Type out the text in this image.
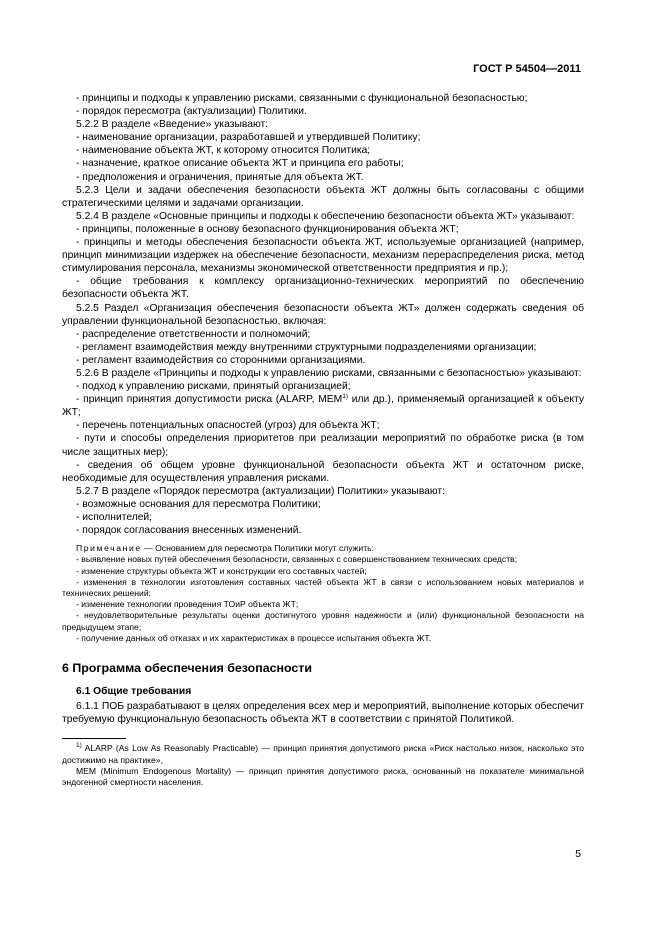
ГОСТ Р 54504—2011

- принципы и подходы к управлению рисками, связанными с функциональной безопасностью;

- порядок пересмотра (актуализации) Политики.

5.2.2 В разделе «Введение» указывают:

- наименование организации, разработавшей и утвердившей Политику;

- наименование объекта ЖТ, к которому относится Политика;

- назначение, краткое описание объекта ЖТ и принципа его работы;

- предположения и ограничения, принятые для объекта ЖТ.

5.2.3 Цели и задачи обеспечения безопасности объекта ЖТ должны быть согласованы с общими стратегическими целями и задачами организации.

5.2.4 В разделе «Основные принципы и подходы к обеспечению безопасности объекта ЖТ» указывают:

- принципы, положенные в основу безопасного функционирования объекта ЖТ;

- принципы и методы обеспечения безопасности объекта ЖТ, используемые организацией (например, принцип минимизации издержек на обеспечение безопасности, механизм перераспределения риска, метод стимулирования персонала, механизмы экономической ответственности предприятия и пр.);

- общие требования к комплексу организационно-технических мероприятий по обеспечению безопасности объекта ЖТ.

5.2.5 Раздел «Организация обеспечения безопасности объекта ЖТ» должен содержать сведения об управлении функциональной безопасностью, включая:

- распределение ответственности и полномочий;

- регламент взаимодействия между внутренними структурными подразделениями организации;

- регламент взаимодействия со сторонними организациями.

5.2.6 В разделе «Принципы и подходы к управлению рисками, связанными с безопасностью» указывают:

- подход к управлению рисками, принятый организацией;

- принцип принятия допустимости риска (ALARP, МЕМ$^{1)}$ или др.), применяемый организацией к объекту ЖТ;

- перечень потенциальных опасностей (угроз) для объекта ЖТ;

- пути и способы определения приоритетов при реализации мероприятий по обработке риска (в том числе защитных мер);

- сведения об общем уровне функциональной безопасности объекта ЖТ и остаточном риске, необходимые для осуществления управления рисками.

5.2.7 В разделе «Порядок пересмотра (актуализации) Политики» указывают:

- возможные основания для пересмотра Политики;

- исполнителей;

- порядок согласования внесенных изменений.

Примечание — Основанием для пересмотра Политики могут служить:

- выявление новых путей обеспечения безопасности, связанных с совершенствованием технических средств;

- изменение структуры объекта ЖТ и конструкции его составных частей;

- изменения в технологии изготовления составных частей объекта ЖТ в связи с использованием новых материалов и технических решений;

- изменение технологии проведения ТОиР объекта ЖТ;

- неудовлетворительные результаты оценки достигнутого уровня надежности и (или) функциональной безопасности на предыдущем этапе;

- получение данных об отказах и их характеристиках в процессе испытания объекта ЖТ.

6 Программа обеспечения безопасности

6.1 Общие требования

6.1.1 ПОБ разрабатывают в целях определения всех мер и мероприятий, выполнение которых обеспечит требуемую функциональную безопасность объекта ЖТ в соответствии с принятой Политикой.

$^{1)}$ ALARP (As Low As Reasonably Practicable) — принцип принятия допустимого риска «Риск настолько низок, насколько это достижимо на практике»,

МЕМ (Minimum Endogenous Mortality) — принцип принятия допустимого риска, основанный на показателе минимальной эндогенной смертности населения.

5
